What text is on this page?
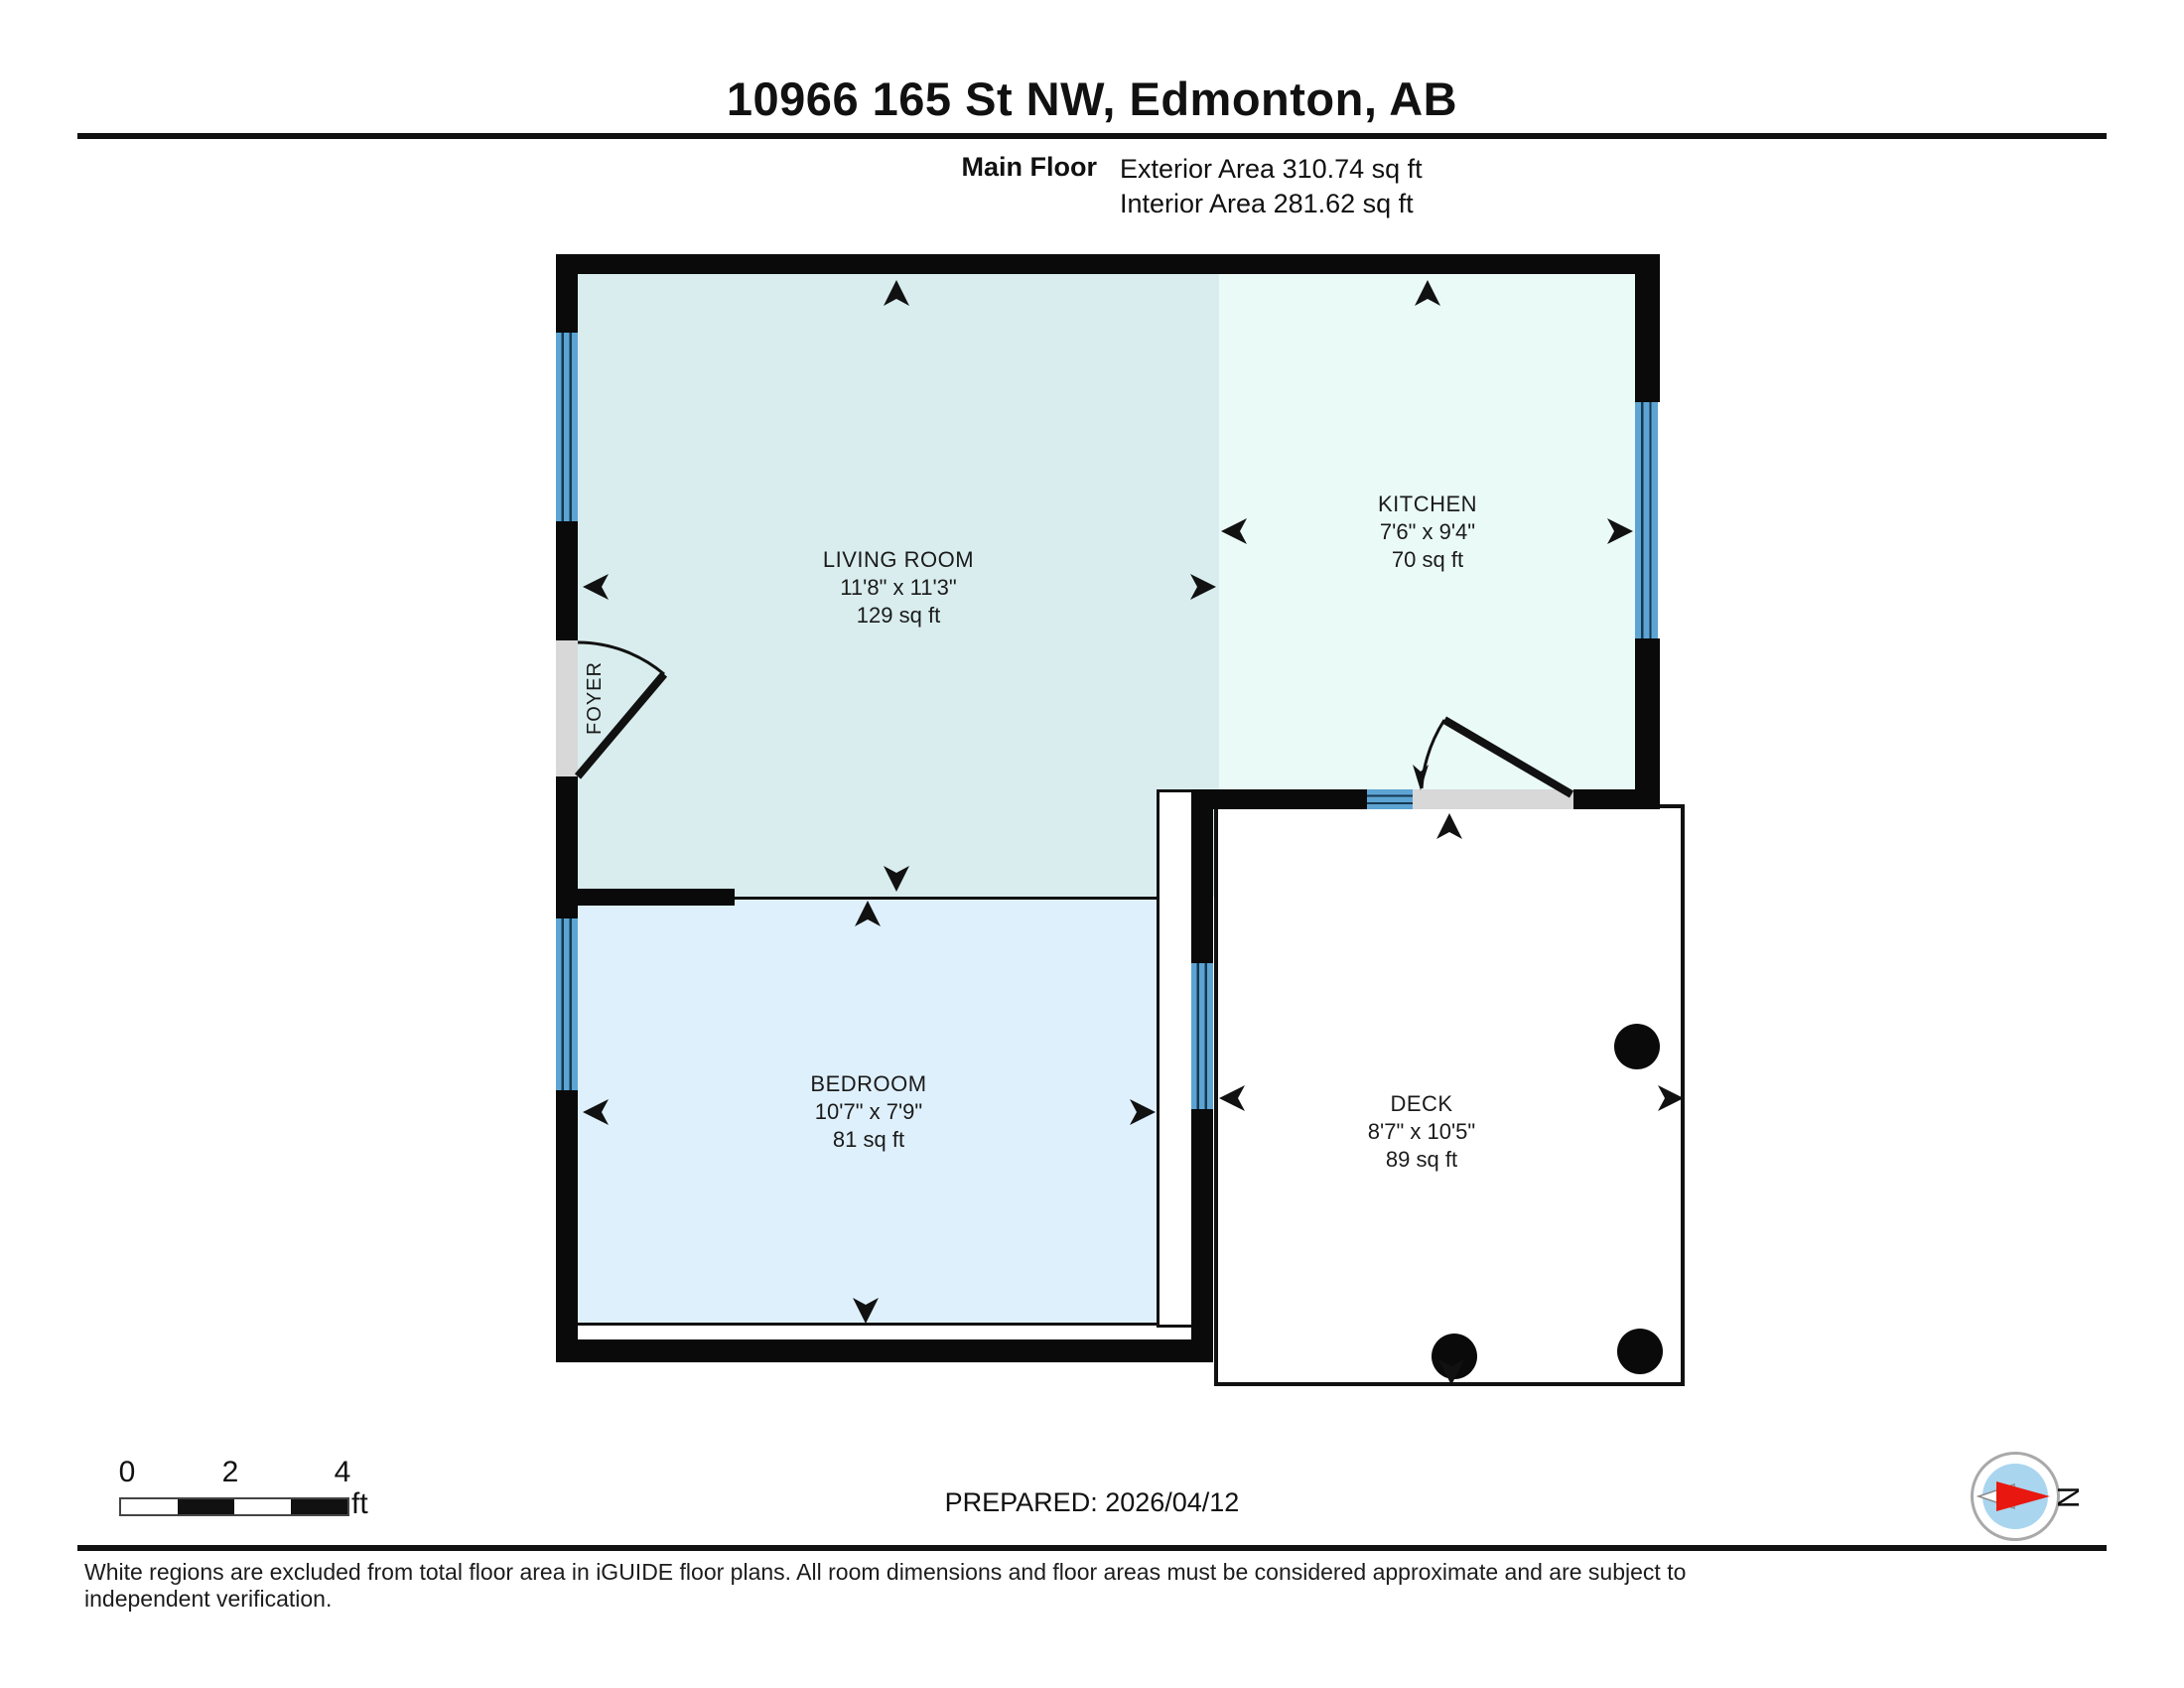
10966 165 St NW, Edmonton, AB
Main Floor Exterior Area 310.74 sq ft
Interior Area 281.62 sq ft
LIVING ROOM
11'8" x 11'3"
129 sq ft
KITCHEN
7'6" x 9'4"
70 sq ft
BEDROOM
10'7" x 7'9"
81 sq ft
DECK
8'7" x 10'5"
89 sq ft
FOYER
0	2	4
ft	PREPARED: 2026/04/12	N
White regions are excluded from total floor area in iGUIDE floor plans. All room dimensions and floor areas must be considered approximate and are subject to independent verification.
